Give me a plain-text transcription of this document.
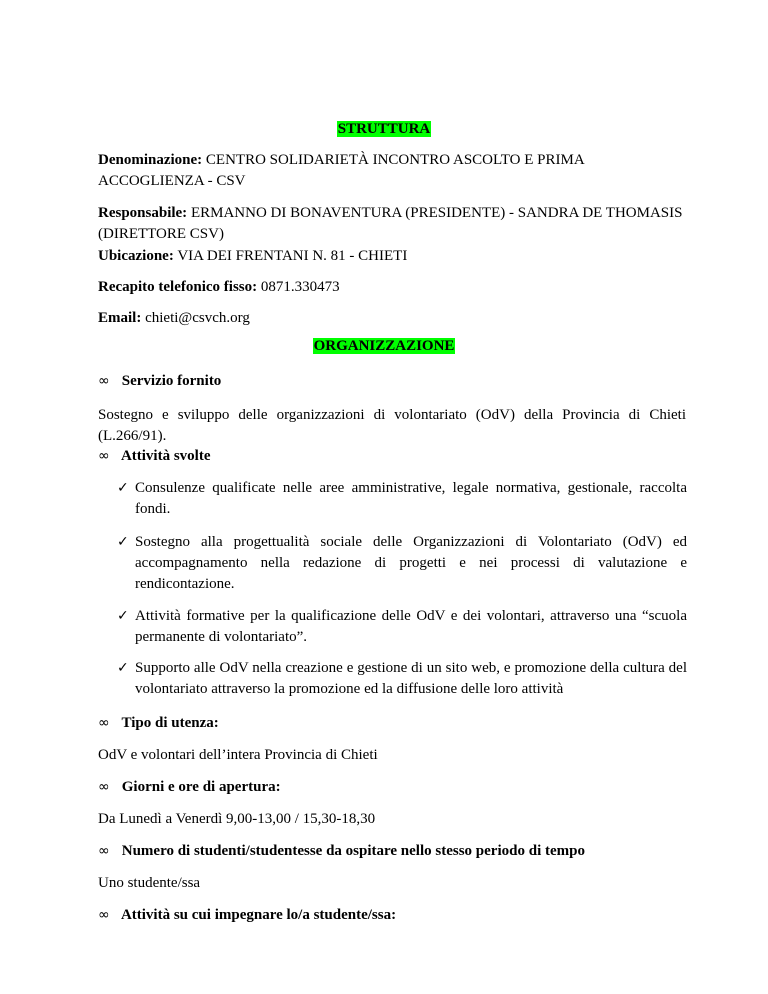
STRUTTURA
Denominazione: CENTRO SOLIDARIETÀ INCONTRO ASCOLTO E PRIMA ACCOGLIENZA - CSV
Responsabile: ERMANNO DI BONAVENTURA (PRESIDENTE) - SANDRA DE THOMASIS (DIRETTORE CSV)
Ubicazione: VIA DEI FRENTANI N. 81 - CHIETI
Recapito telefonico fisso: 0871.330473
Email: chieti@csvch.org
ORGANIZZAZIONE
∞ Servizio fornito
Sostegno e sviluppo delle organizzazioni di volontariato (OdV) della Provincia di Chieti (L.266/91).
∞ Attività svolte
✓ Consulenze qualificate nelle aree amministrative, legale normativa, gestionale, raccolta fondi.
✓ Sostegno alla progettualità sociale delle Organizzazioni di Volontariato (OdV) ed accompagnamento nella redazione di progetti e nei processi di valutazione e rendicontazione.
✓ Attività formative per la qualificazione delle OdV e dei volontari, attraverso una “scuola permanente di volontariato”.
✓ Supporto alle OdV nella creazione e gestione di un sito web, e promozione della cultura del volontariato attraverso la promozione ed la diffusione delle loro attività
∞ Tipo di utenza:
OdV e volontari dell’intera Provincia di Chieti
∞ Giorni e ore di apertura:
Da Lunedì a Venerdì 9,00-13,00 / 15,30-18,30
∞ Numero di studenti/studentesse da ospitare nello stesso periodo di tempo
Uno studente/ssa
∞ Attività su cui impegnare lo/a studente/ssa:
